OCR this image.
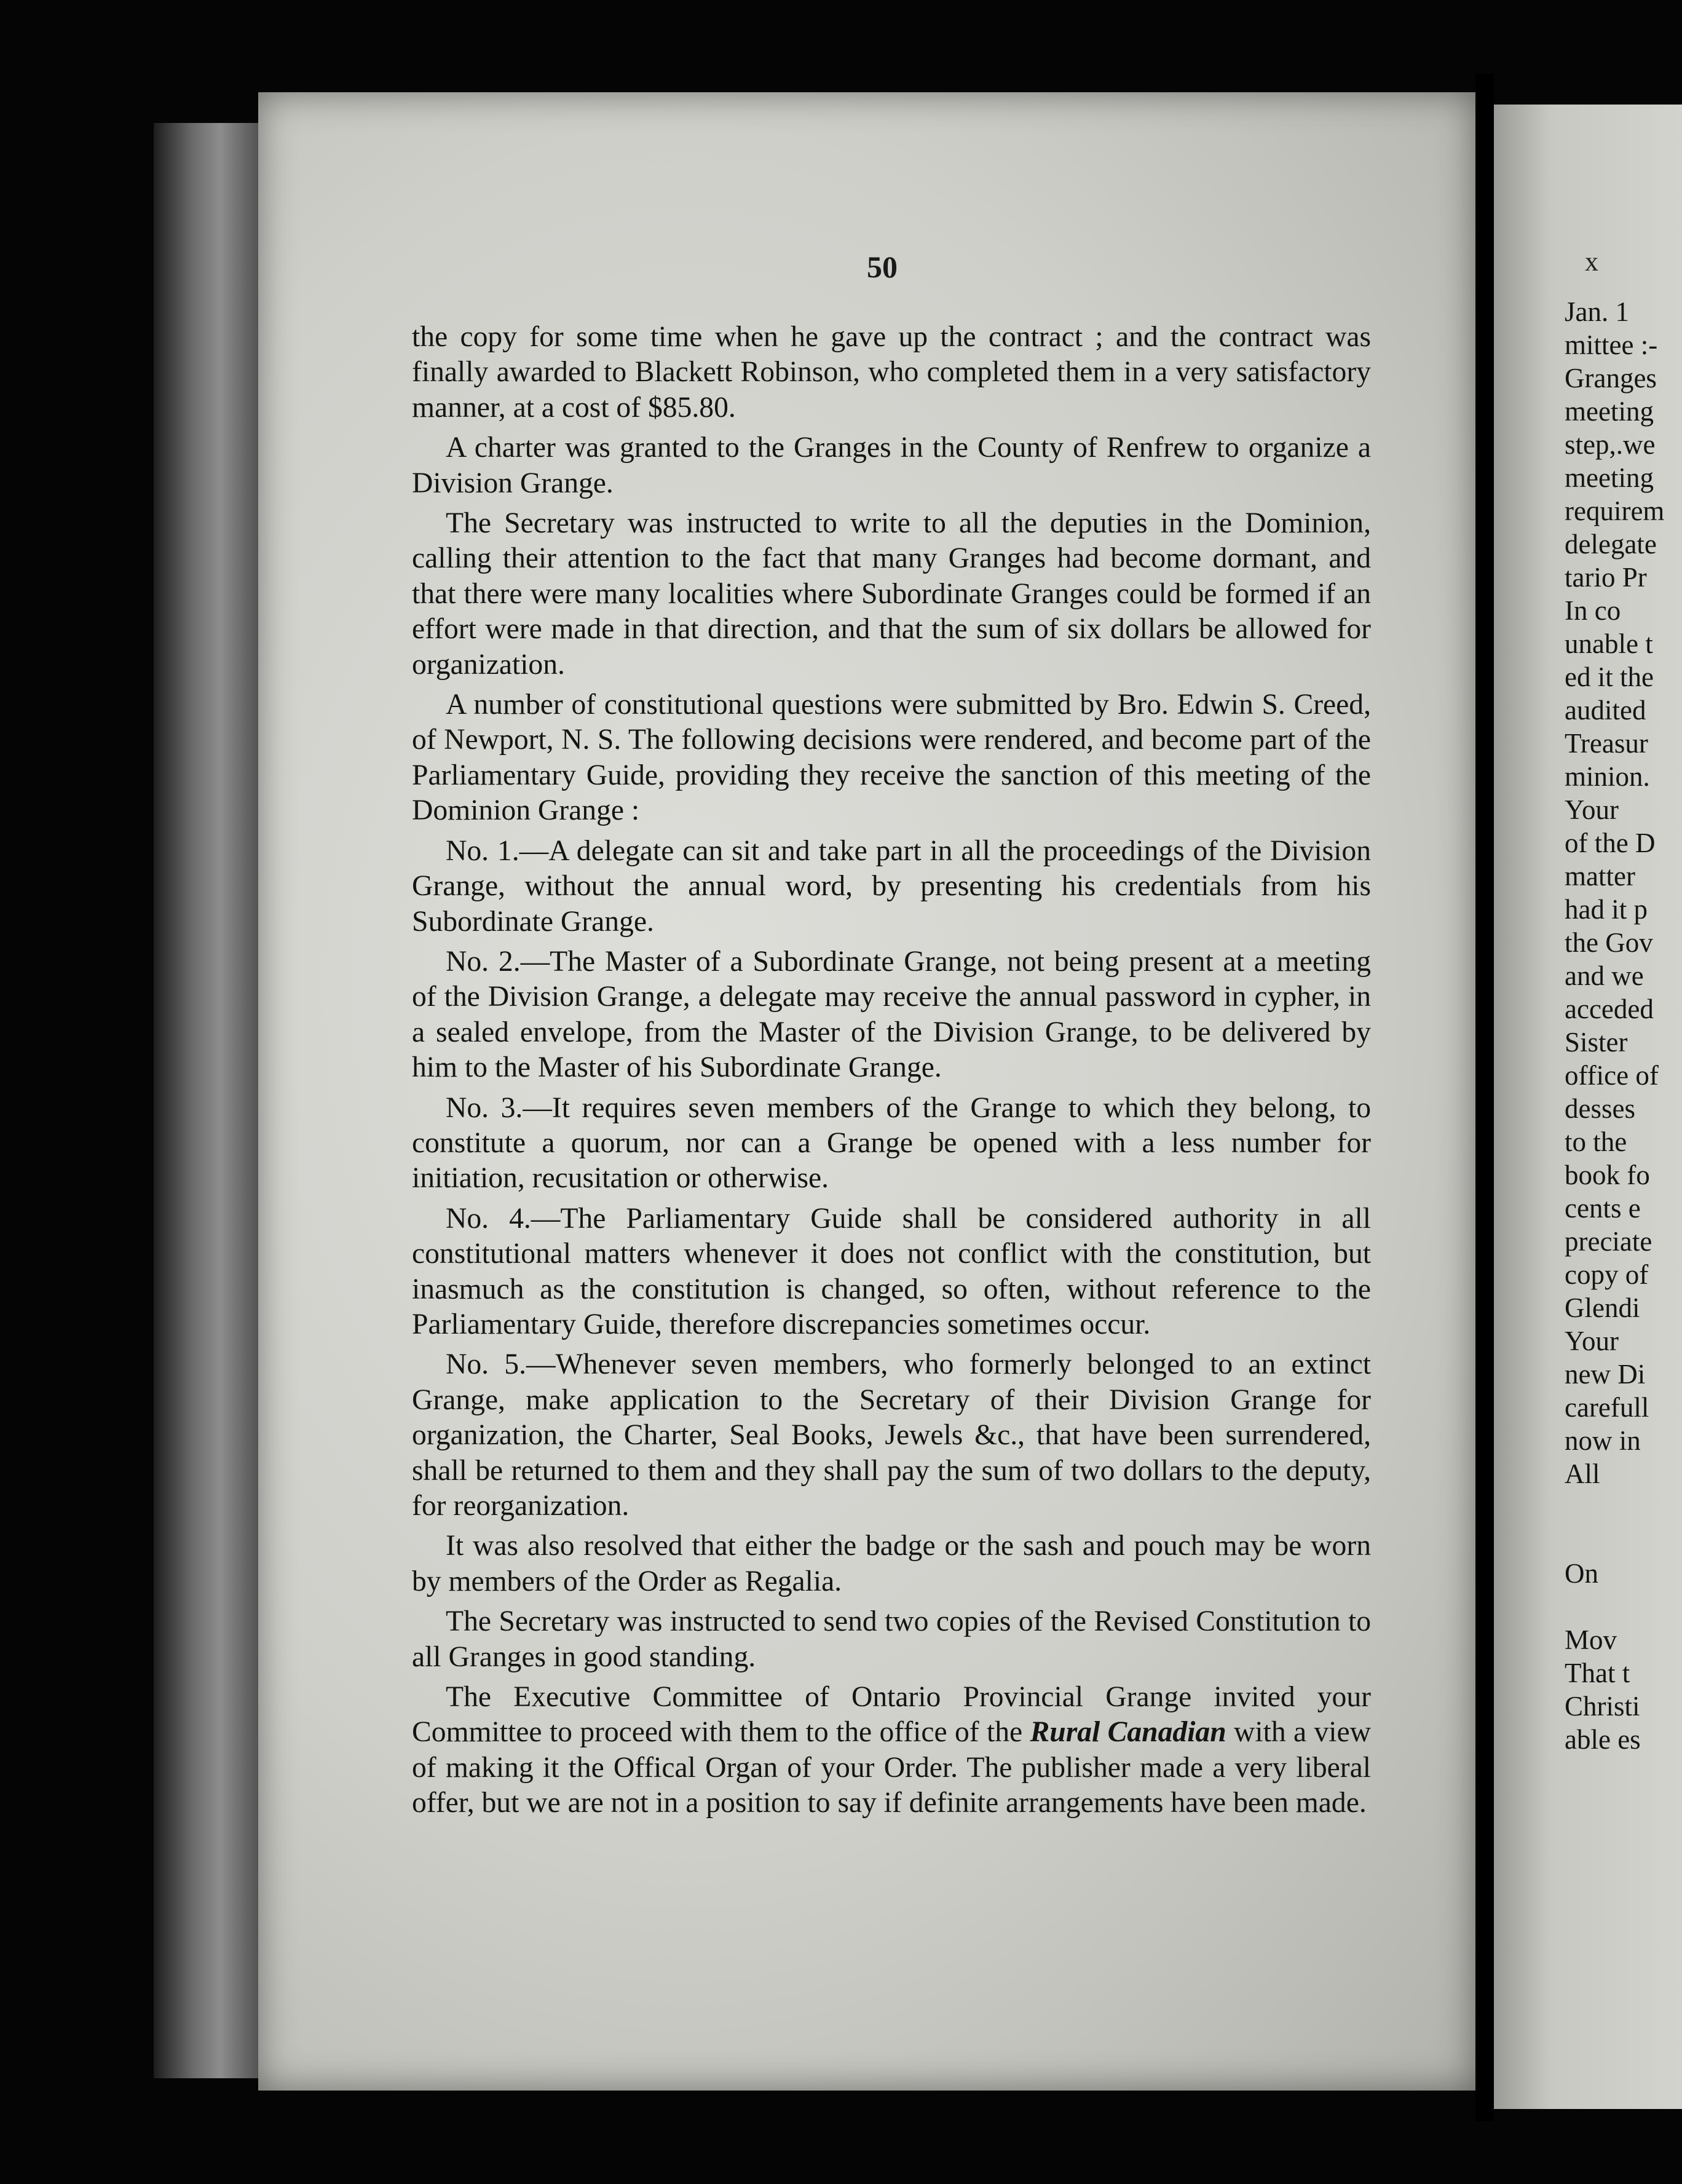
50

the copy for some time when he gave up the contract ; and the contract was finally awarded to Blackett Robinson, who completed them in a very satisfactory manner, at a cost of $85.80.

A charter was granted to the Granges in the County of Renfrew to organize a Division Grange.

The Secretary was instructed to write to all the deputies in the Dominion, calling their attention to the fact that many Granges had become dormant, and that there were many localities where Subordinate Granges could be formed if an effort were made in that direction, and that the sum of six dollars be allowed for organization.

A number of constitutional questions were submitted by Bro. Edwin S. Creed, of Newport, N. S. The following decisions were rendered, and become part of the Parliamentary Guide, providing they receive the sanction of this meeting of the Dominion Grange :

No. 1.—A delegate can sit and take part in all the proceedings of the Division Grange, without the annual word, by presenting his credentials from his Subordinate Grange.

No. 2.—The Master of a Subordinate Grange, not being present at a meeting of the Division Grange, a delegate may receive the annual password in cypher, in a sealed envelope, from the Master of the Division Grange, to be delivered by him to the Master of his Subordinate Grange.

No. 3.—It requires seven members of the Grange to which they belong, to constitute a quorum, nor can a Grange be opened with a less number for initiation, recusitation or otherwise.

No. 4.—The Parliamentary Guide shall be considered authority in all constitutional matters whenever it does not conflict with the constitution, but inasmuch as the constitution is changed, so often, without reference to the Parliamentary Guide, therefore discrepancies sometimes occur.

No. 5.—Whenever seven members, who formerly belonged to an extinct Grange, make application to the Secretary of their Division Grange for organization, the Charter, Seal Books, Jewels &c., that have been surrendered, shall be returned to them and they shall pay the sum of two dollars to the deputy, for reorganization.

It was also resolved that either the badge or the sash and pouch may be worn by members of the Order as Regalia.

The Secretary was instructed to send two copies of the Revised Constitution to all Granges in good standing.

The Executive Committee of Ontario Provincial Grange invited your Committee to proceed with them to the office of the Rural Canadian with a view of making it the Offical Organ of your Order. The publisher made a very liberal offer, but we are not in a position to say if definite arrangements have been made.

x
Jan. 1
mittee :-
Granges
meeting
step,.we
meeting
requirem
delegate
tario Pr
In co
unable t
ed it the
audited
Treasur
minion.
Your
of the D
matter
had it p
the Gov
and we
acceded
Sister
office of
desses
to the
book fo
cents e
preciate
copy of
Glendi
Your
new Di
carefull
now in
All
On
Mov
That t
Christi
able es
